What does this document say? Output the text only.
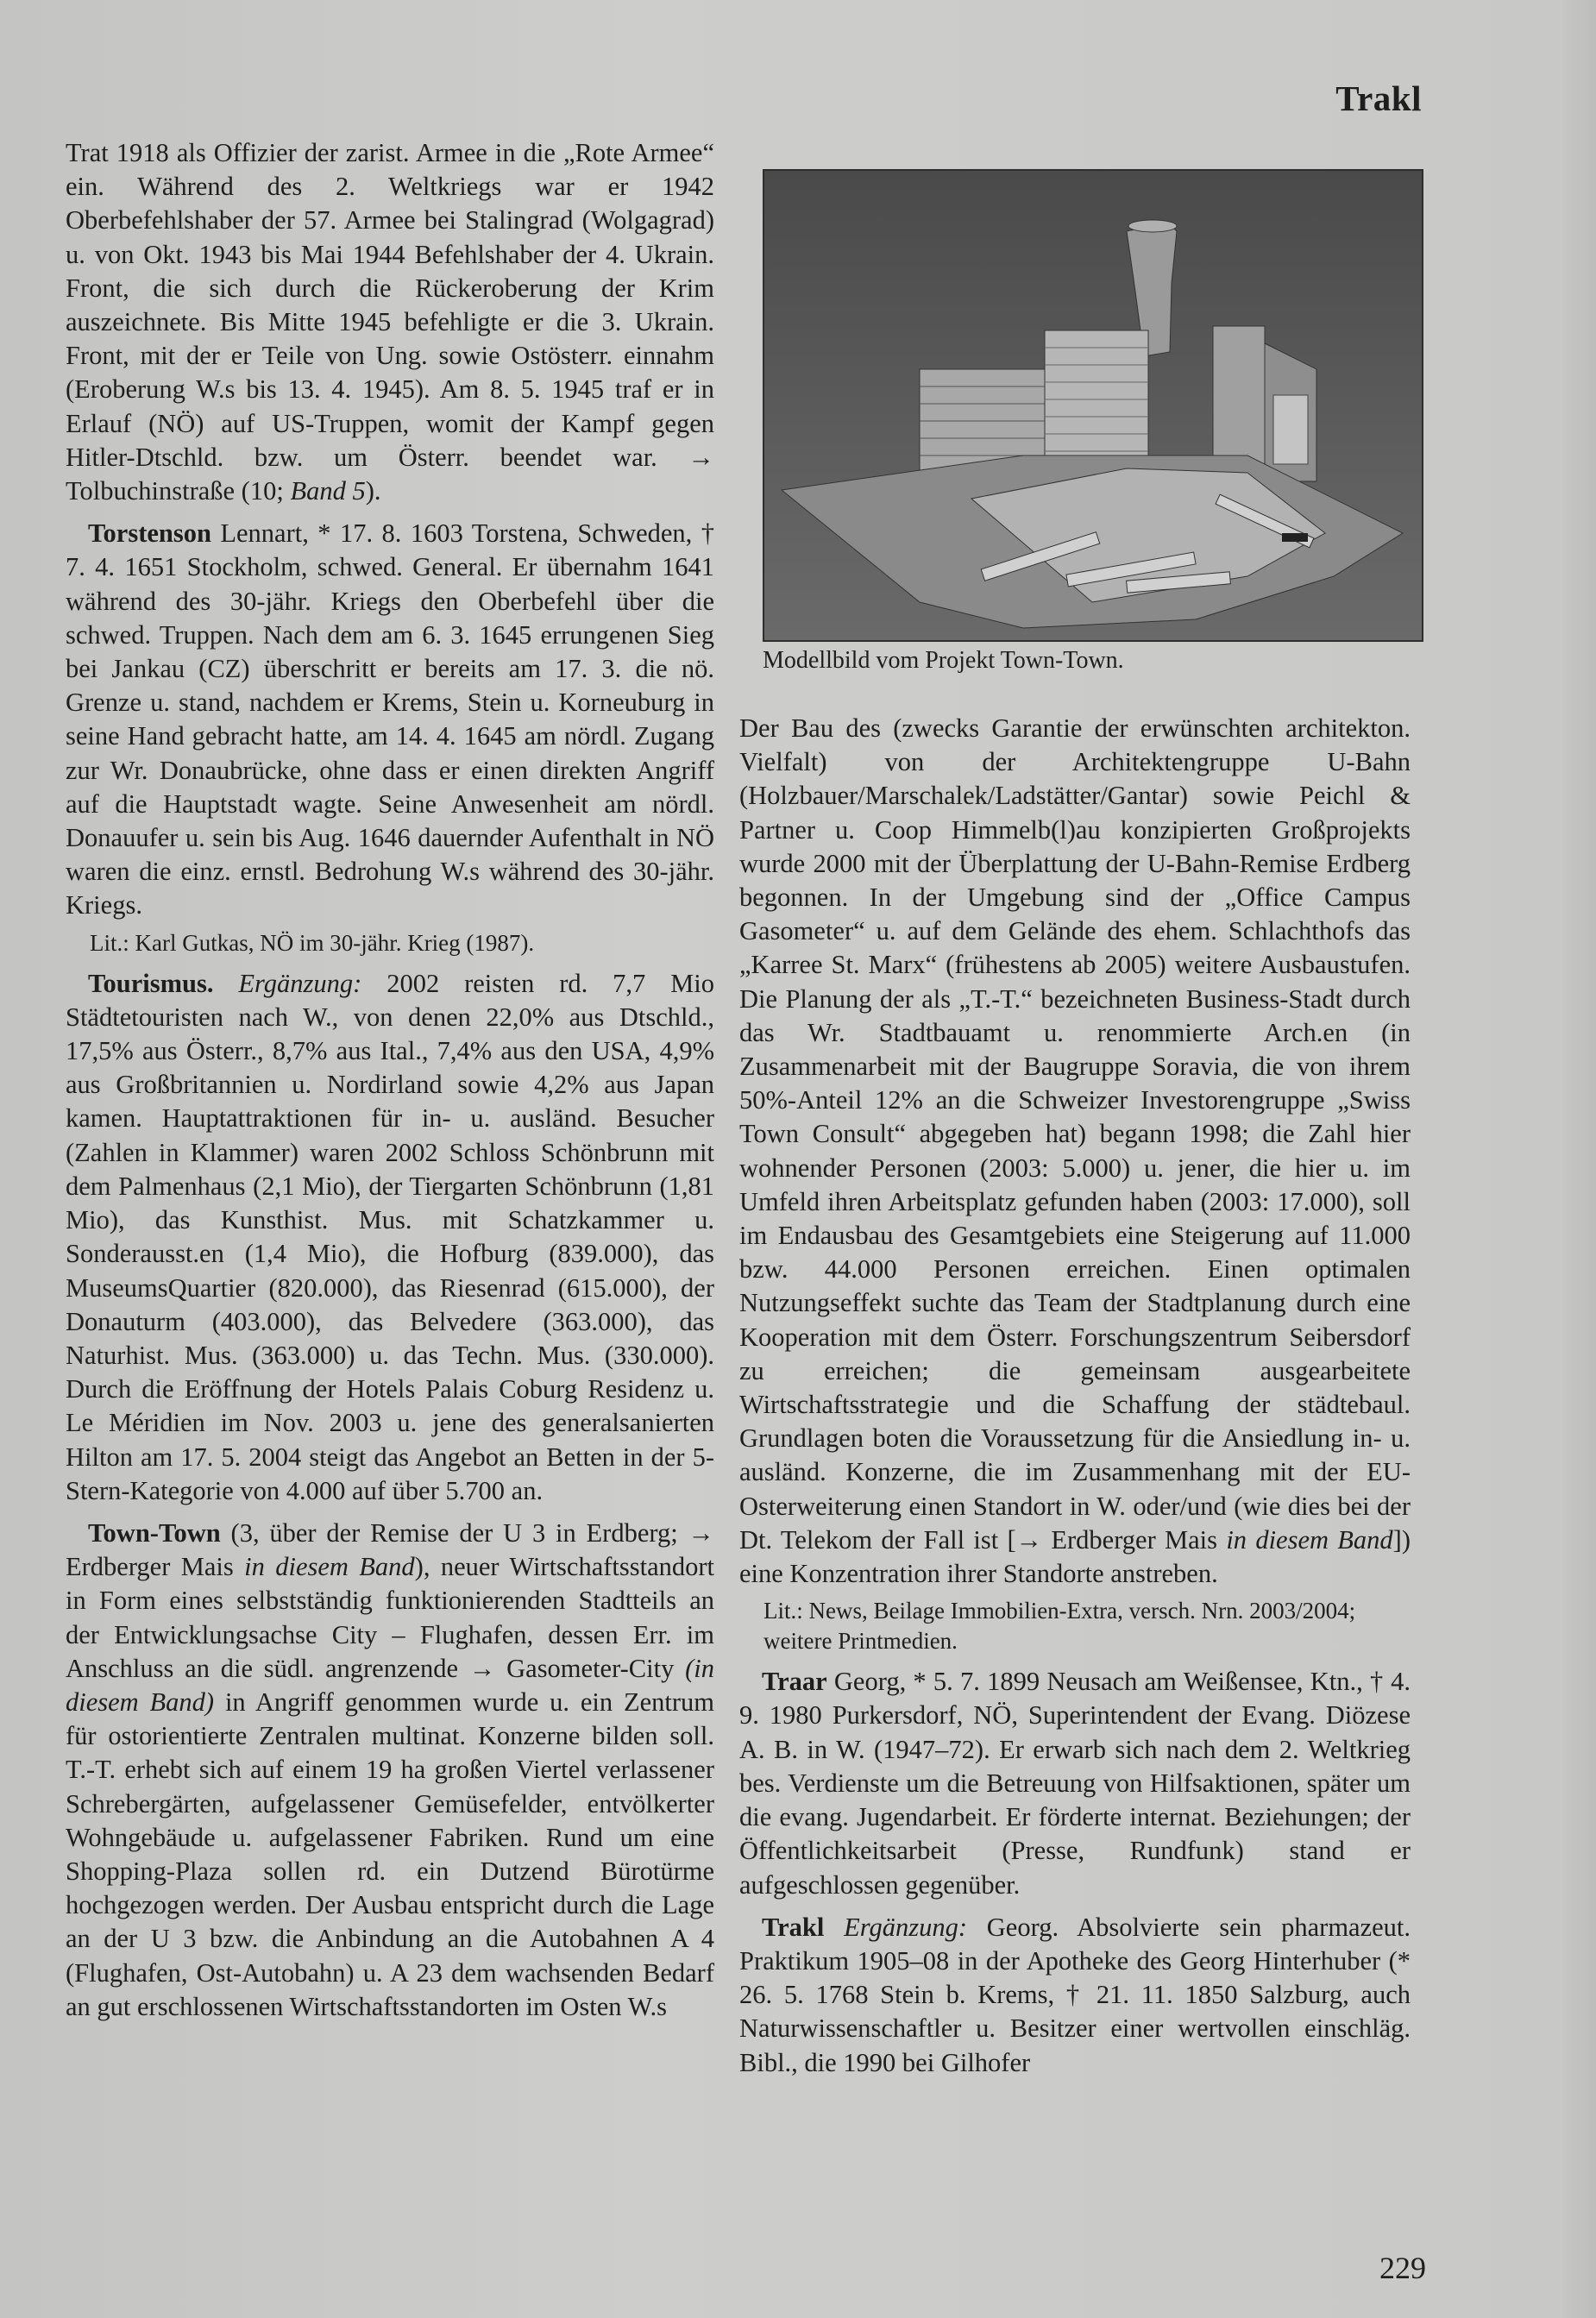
Trakl

Trat 1918 als Offizier der zarist. Armee in die „Rote Armee“ ein. Während des 2. Weltkriegs war er 1942 Oberbefehlshaber der 57. Armee bei Stalingrad (Wolgagrad) u. von Okt. 1943 bis Mai 1944 Befehlshaber der 4. Ukrain. Front, die sich durch die Rückeroberung der Krim auszeichnete. Bis Mitte 1945 befehligte er die 3. Ukrain. Front, mit der er Teile von Ung. sowie Ostösterr. einnahm (Eroberung W.s bis 13. 4. 1945). Am 8. 5. 1945 traf er in Erlauf (NÖ) auf US-Truppen, womit der Kampf gegen Hitler-Dtschld. bzw. um Österr. beendet war. → Tolbuchinstraße (10; Band 5).

Torstenson Lennart, * 17. 8. 1603 Torstena, Schweden, † 7. 4. 1651 Stockholm, schwed. General. Er übernahm 1641 während des 30-jähr. Kriegs den Oberbefehl über die schwed. Truppen. Nach dem am 6. 3. 1645 errungenen Sieg bei Jankau (CZ) überschritt er bereits am 17. 3. die nö. Grenze u. stand, nachdem er Krems, Stein u. Korneuburg in seine Hand gebracht hatte, am 14. 4. 1645 am nördl. Zugang zur Wr. Donaubrücke, ohne dass er einen direkten Angriff auf die Hauptstadt wagte. Seine Anwesenheit am nördl. Donauufer u. sein bis Aug. 1646 dauernder Aufenthalt in NÖ waren die einz. ernstl. Bedrohung W.s während des 30-jähr. Kriegs.

Lit.: Karl Gutkas, NÖ im 30-jähr. Krieg (1987).

Tourismus. Ergänzung: 2002 reisten rd. 7,7 Mio Städtetouristen nach W., von denen 22,0% aus Dtschld., 17,5% aus Österr., 8,7% aus Ital., 7,4% aus den USA, 4,9% aus Großbritannien u. Nordirland sowie 4,2% aus Japan kamen. Hauptattraktionen für in- u. ausländ. Besucher (Zahlen in Klammer) waren 2002 Schloss Schönbrunn mit dem Palmenhaus (2,1 Mio), der Tiergarten Schönbrunn (1,81 Mio), das Kunsthist. Mus. mit Schatzkammer u. Sonderausst.en (1,4 Mio), die Hofburg (839.000), das MuseumsQuartier (820.000), das Riesenrad (615.000), der Donauturm (403.000), das Belvedere (363.000), das Naturhist. Mus. (363.000) u. das Techn. Mus. (330.000). Durch die Eröffnung der Hotels Palais Coburg Residenz u. Le Méridien im Nov. 2003 u. jene des generalsanierten Hilton am 17. 5. 2004 steigt das Angebot an Betten in der 5-Stern-Kategorie von 4.000 auf über 5.700 an.

Town-Town (3, über der Remise der U 3 in Erdberg; → Erdberger Mais in diesem Band), neuer Wirtschaftsstandort in Form eines selbstständig funktionierenden Stadtteils an der Entwicklungsachse City – Flughafen, dessen Err. im Anschluss an die südl. angrenzende → Gasometer-City (in diesem Band) in Angriff genommen wurde u. ein Zentrum für ostorientierte Zentralen multinat. Konzerne bilden soll. T.-T. erhebt sich auf einem 19 ha großen Viertel verlassener Schrebergärten, aufgelassener Gemüsefelder, entvölkerter Wohngebäude u. aufgelassener Fabriken. Rund um eine Shopping-Plaza sollen rd. ein Dutzend Bürotürme hochgezogen werden. Der Ausbau entspricht durch die Lage an der U 3 bzw. die Anbindung an die Autobahnen A 4 (Flughafen, Ost-Autobahn) u. A 23 dem wachsenden Bedarf an gut erschlossenen Wirtschaftsstandorten im Osten W.s

Modellbild vom Projekt Town-Town.

Der Bau des (zwecks Garantie der erwünschten architekton. Vielfalt) von der Architektengruppe U-Bahn (Holzbauer/Marschalek/Ladstätter/Gantar) sowie Peichl & Partner u. Coop Himmelb(l)au konzipierten Großprojekts wurde 2000 mit der Überplattung der U-Bahn-Remise Erdberg begonnen. In der Umgebung sind der „Office Campus Gasometer“ u. auf dem Gelände des ehem. Schlachthofs das „Karree St. Marx“ (frühestens ab 2005) weitere Ausbaustufen. Die Planung der als „T.-T.“ bezeichneten Business-Stadt durch das Wr. Stadtbauamt u. renommierte Arch.en (in Zusammenarbeit mit der Baugruppe Soravia, die von ihrem 50%-Anteil 12% an die Schweizer Investorengruppe „Swiss Town Consult“ abgegeben hat) begann 1998; die Zahl hier wohnender Personen (2003: 5.000) u. jener, die hier u. im Umfeld ihren Arbeitsplatz gefunden haben (2003: 17.000), soll im Endausbau des Gesamtgebiets eine Steigerung auf 11.000 bzw. 44.000 Personen erreichen. Einen optimalen Nutzungseffekt suchte das Team der Stadtplanung durch eine Kooperation mit dem Österr. Forschungszentrum Seibersdorf zu erreichen; die gemeinsam ausgearbeitete Wirtschaftsstrategie und die Schaffung der städtebaul. Grundlagen boten die Voraussetzung für die Ansiedlung in- u. ausländ. Konzerne, die im Zusammenhang mit der EU-Osterweiterung einen Standort in W. oder/und (wie dies bei der Dt. Telekom der Fall ist [→ Erdberger Mais in diesem Band]) eine Konzentration ihrer Standorte anstreben.

Lit.: News, Beilage Immobilien-Extra, versch. Nrn. 2003/2004; weitere Printmedien.

Traar Georg, * 5. 7. 1899 Neusach am Weißensee, Ktn., † 4. 9. 1980 Purkersdorf, NÖ, Superintendent der Evang. Diözese A. B. in W. (1947–72). Er erwarb sich nach dem 2. Weltkrieg bes. Verdienste um die Betreuung von Hilfsaktionen, später um die evang. Jugendarbeit. Er förderte internat. Beziehungen; der Öffentlichkeitsarbeit (Presse, Rundfunk) stand er aufgeschlossen gegenüber.

Trakl Ergänzung: Georg. Absolvierte sein pharmazeut. Praktikum 1905–08 in der Apotheke des Georg Hinterhuber (* 26. 5. 1768 Stein b. Krems, † 21. 11. 1850 Salzburg, auch Naturwissenschaftler u. Besitzer einer wertvollen einschläg. Bibl., die 1990 bei Gilhofer

229
